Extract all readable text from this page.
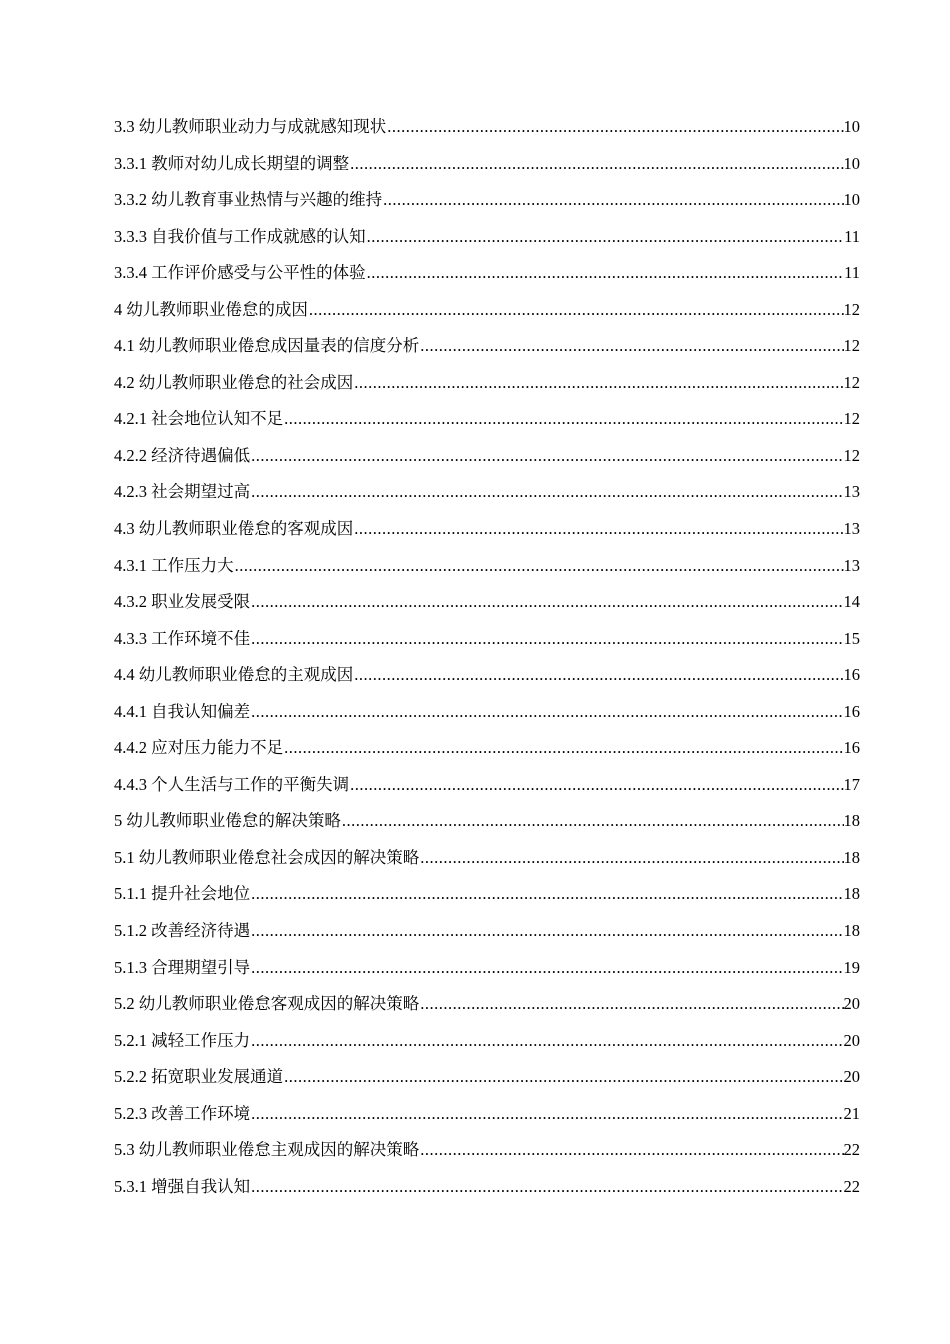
3.3 幼儿教师职业动力与成就感知现状 .....	10
3.3.1 教师对幼儿成长期望的调整 .....	10
3.3.2 幼儿教育事业热情与兴趣的维持 .....	10
3.3.3 自我价值与工作成就感的认知 .....	11
3.3.4 工作评价感受与公平性的体验 .....	11
4 幼儿教师职业倦怠的成因 .....	12
4.1 幼儿教师职业倦怠成因量表的信度分析 .....	12
4.2 幼儿教师职业倦怠的社会成因 .....	12
4.2.1 社会地位认知不足 .....	12
4.2.2 经济待遇偏低 .....	12
4.2.3 社会期望过高 .....	13
4.3 幼儿教师职业倦怠的客观成因 .....	13
4.3.1 工作压力大 .....	13
4.3.2 职业发展受限 .....	14
4.3.3 工作环境不佳 .....	15
4.4 幼儿教师职业倦怠的主观成因 .....	16
4.4.1 自我认知偏差 .....	16
4.4.2 应对压力能力不足 .....	16
4.4.3 个人生活与工作的平衡失调 .....	17
5 幼儿教师职业倦怠的解决策略 .....	18
5.1 幼儿教师职业倦怠社会成因的解决策略 .....	18
5.1.1 提升社会地位 .....	18
5.1.2 改善经济待遇 .....	18
5.1.3 合理期望引导 .....	19
5.2 幼儿教师职业倦怠客观成因的解决策略 .....	20
5.2.1 减轻工作压力 .....	20
5.2.2 拓宽职业发展通道 .....	20
5.2.3 改善工作环境 .....	21
5.3 幼儿教师职业倦怠主观成因的解决策略 .....	22
5.3.1 增强自我认知 .....	22
